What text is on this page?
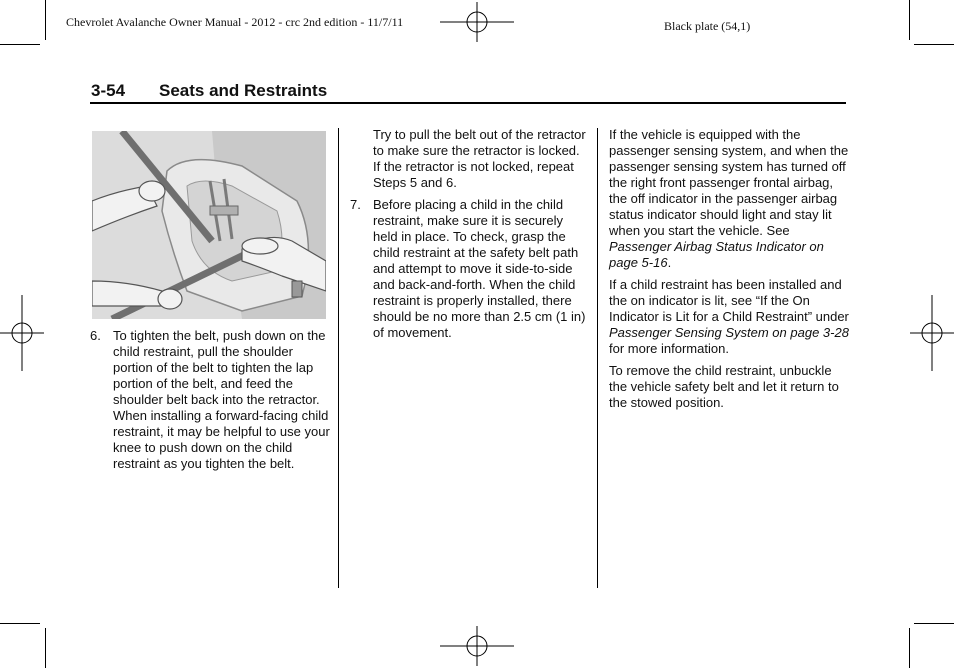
Chevrolet Avalanche Owner Manual - 2012 - crc 2nd edition - 11/7/11	Black plate (54,1)
3-54 Seats and Restraints
6. To tighten the belt, push down on the child restraint, pull the shoulder portion of the belt to tighten the lap portion of the belt, and feed the shoulder belt back into the retractor. When installing a forward-facing child restraint, it may be helpful to use your knee to push down on the child restraint as you tighten the belt.
Try to pull the belt out of the retractor to make sure the retractor is locked. If the retractor is not locked, repeat Steps 5 and 6.
7. Before placing a child in the child restraint, make sure it is securely held in place. To check, grasp the child restraint at the safety belt path and attempt to move it side-to-side and back-and-forth. When the child restraint is properly installed, there should be no more than 2.5 cm (1 in) of movement.

If the vehicle is equipped with the passenger sensing system, and when the passenger sensing system has turned off the right front passenger frontal airbag, the off indicator in the passenger airbag status indicator should light and stay lit when you start the vehicle. See Passenger Airbag Status Indicator on page 5-16.

If a child restraint has been installed and the on indicator is lit, see “If the On Indicator is Lit for a Child Restraint” under Passenger Sensing System on page 3-28 for more information.

To remove the child restraint, unbuckle the vehicle safety belt and let it return to the stowed position.
